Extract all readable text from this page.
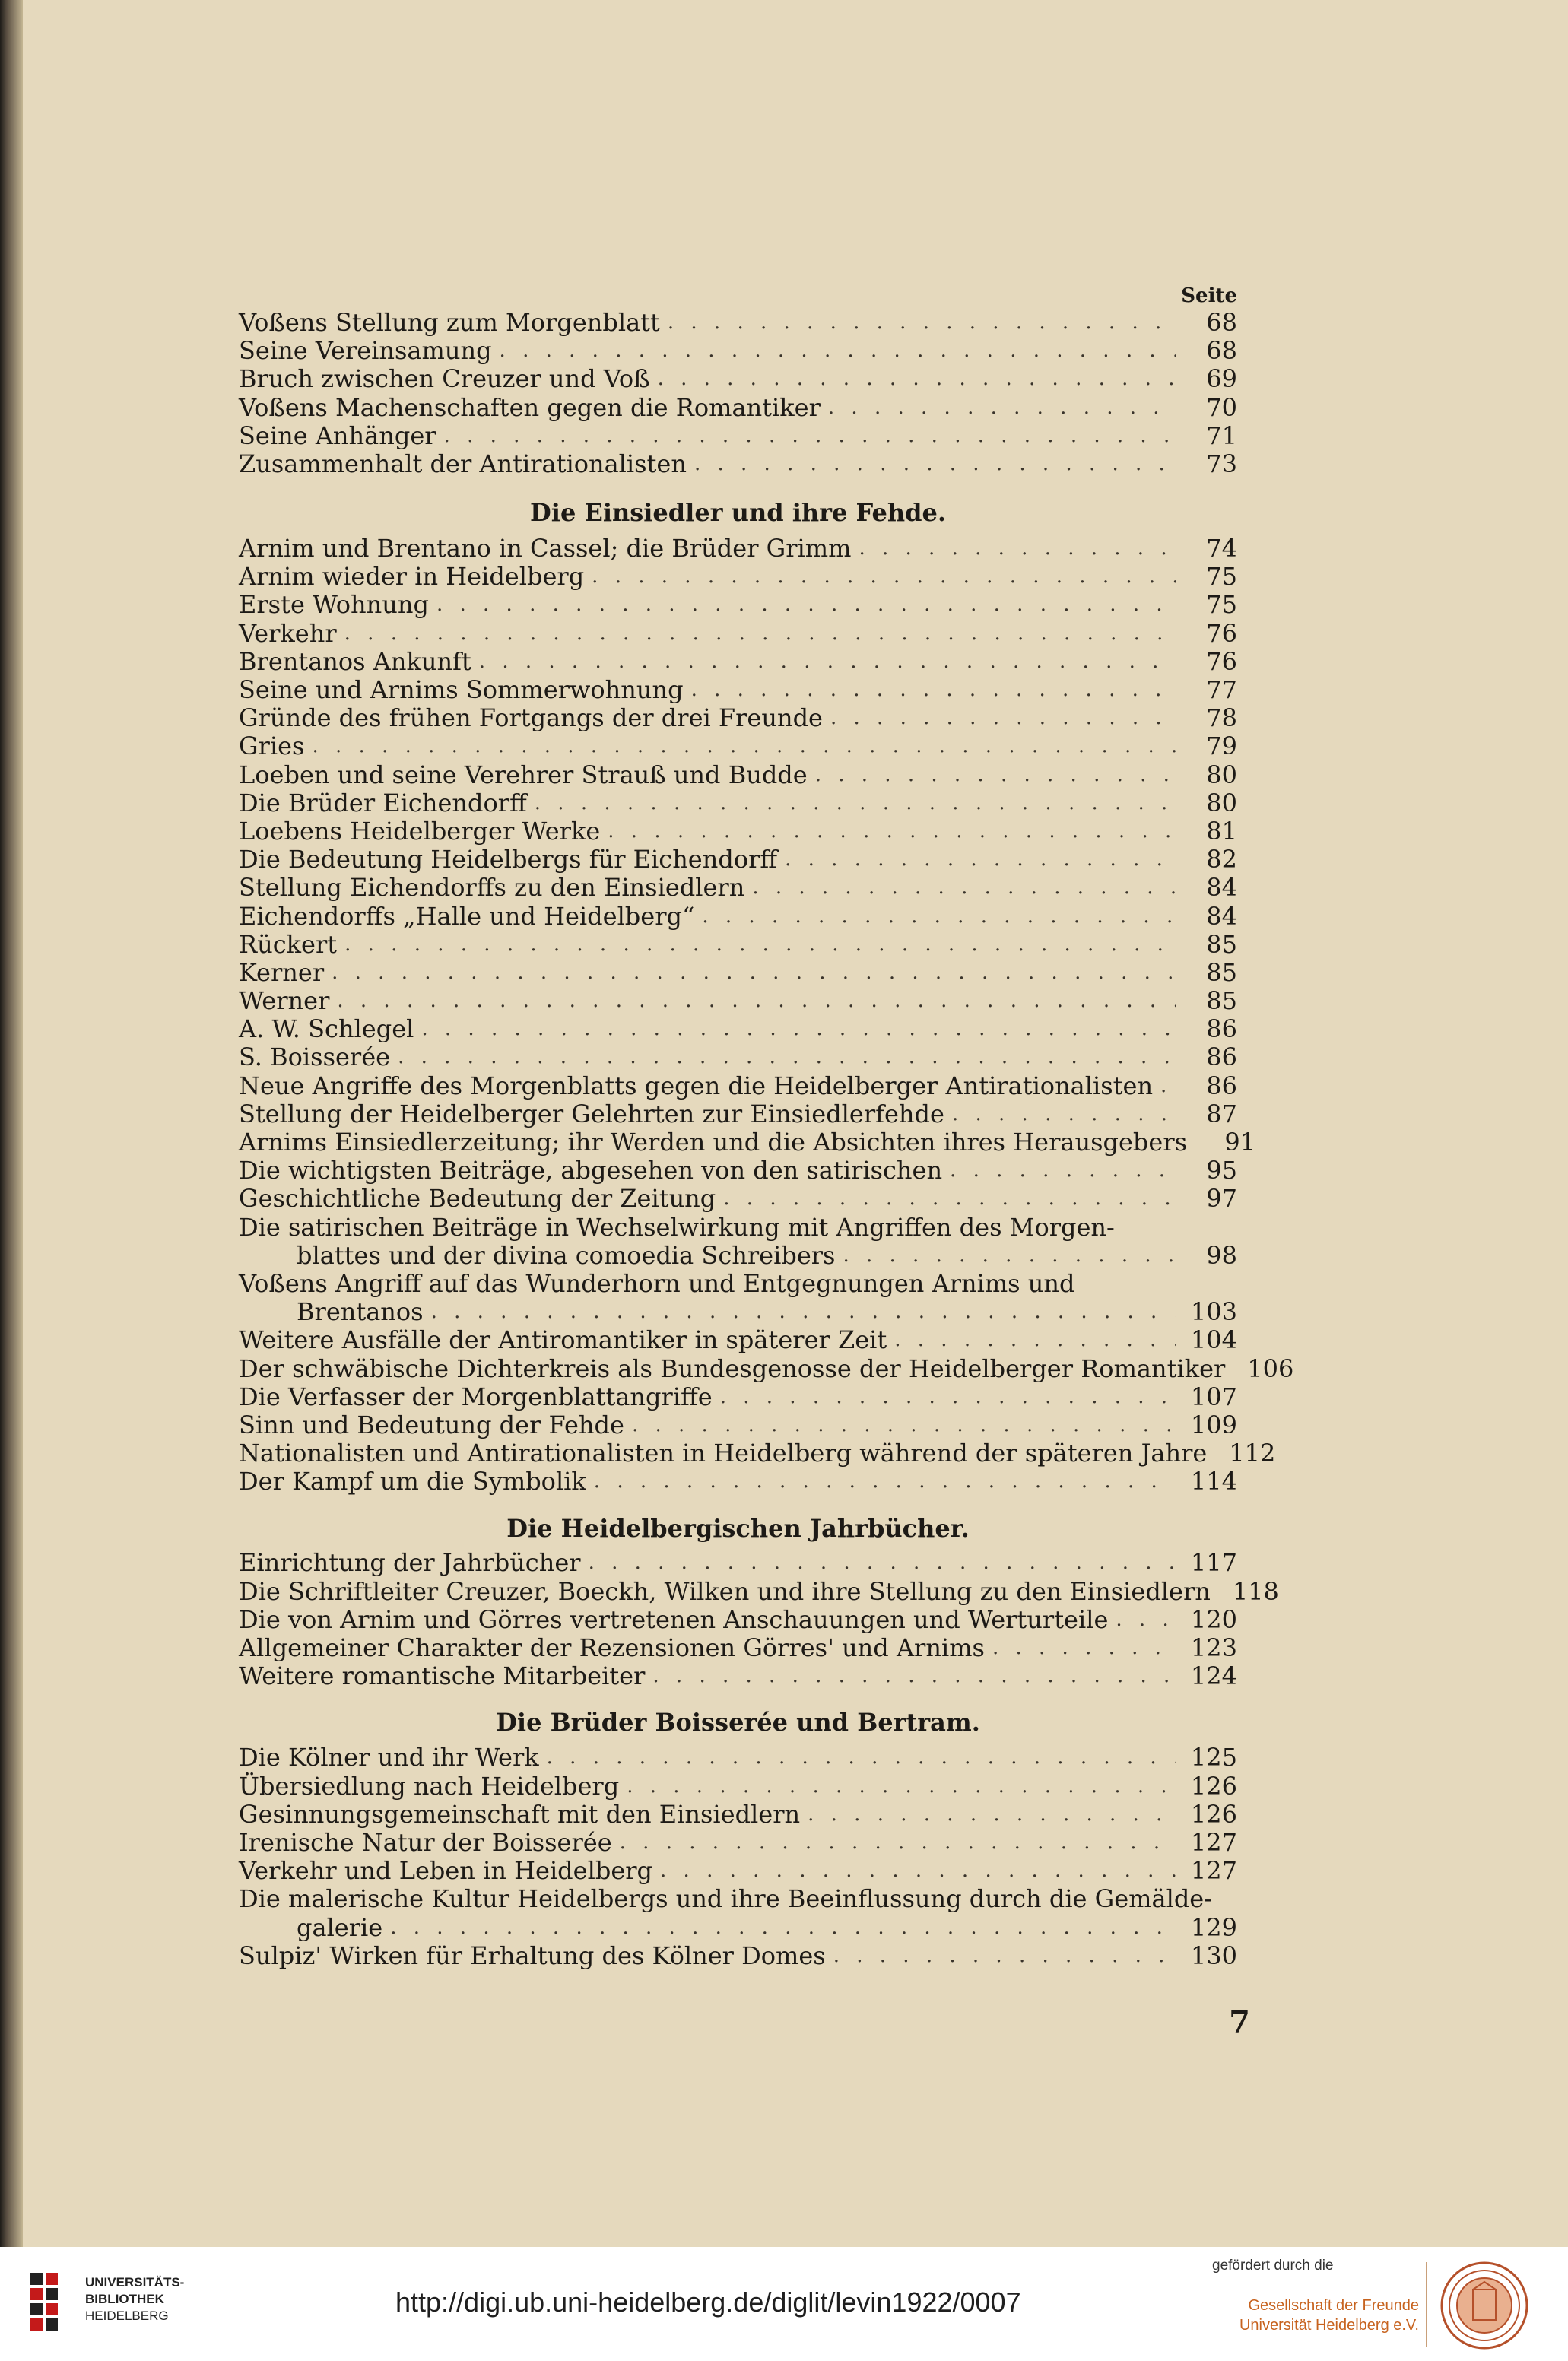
Seite
Voßens Stellung zum Morgenblatt . . .	68
Seine Vereinsamung . . .	68
Bruch zwischen Creuzer und Voß . . .	69
Voßens Machenschaften gegen die Romantiker . . .	70
Seine Anhänger . . .	71
Zusammenhalt der Antirationalisten . . .	73
Die Einsiedler und ihre Fehde.
Arnim und Brentano in Cassel; die Brüder Grimm . . .	74
Arnim wieder in Heidelberg . . .	75
Erste Wohnung . . .	75
Verkehr . . .	76
Brentanos Ankunft . . .	76
Seine und Arnims Sommerwohnung . . .	77
Gründe des frühen Fortgangs der drei Freunde . . .	78
Gries . . .	79
Loeben und seine Verehrer Strauß und Budde . . .	80
Die Brüder Eichendorff . . .	80
Loebens Heidelberger Werke . . .	81
Die Bedeutung Heidelbergs für Eichendorff . . .	82
Stellung Eichendorffs zu den Einsiedlern . . .	84
Eichendorffs „Halle und Heidelberg“ . . .	84
Rückert . . .	85
Kerner . . .	85
Werner . . .	85
A. W. Schlegel . . .	86
S. Boisserée . . .	86
Neue Angriffe des Morgenblatts gegen die Heidelberger Antirationalisten . . .	86
Stellung der Heidelberger Gelehrten zur Einsiedlerfehde . . .	87
Arnims Einsiedlerzeitung; ihr Werden und die Absichten ihres Herausgebers	91
Die wichtigsten Beiträge, abgesehen von den satirischen . . .	95
Geschichtliche Bedeutung der Zeitung . . .	97
Die satirischen Beiträge in Wechselwirkung mit Angriffen des Morgen-
blattes und der divina comoedia Schreibers . . .	98
Voßens Angriff auf das Wunderhorn und Entgegnungen Arnims und
Brentanos . . .	103
Weitere Ausfälle der Antiromantiker in späterer Zeit . . .	104
Der schwäbische Dichterkreis als Bundesgenosse der Heidelberger Romantiker 106
Die Verfasser der Morgenblattangriffe . . .	107
Sinn und Bedeutung der Fehde . . .	109
Nationalisten und Antirationalisten in Heidelberg während der späteren Jahre 112
Der Kampf um die Symbolik . . .	114
Die Heidelbergischen Jahrbücher.
Einrichtung der Jahrbücher . . .	117
Die Schriftleiter Creuzer, Boeckh, Wilken und ihre Stellung zu den Einsiedlern 118
Die von Arnim und Görres vertretenen Anschauungen und Werturteile . . .	120
Allgemeiner Charakter der Rezensionen Görres' und Arnims . . .	123
Weitere romantische Mitarbeiter . . .	124
Die Brüder Boisserée und Bertram.
Die Kölner und ihr Werk . . .	125
Übersiedlung nach Heidelberg . . .	126
Gesinnungsgemeinschaft mit den Einsiedlern . . .	126
Irenische Natur der Boisserée . . .	127
Verkehr und Leben in Heidelberg . . .	127
Die malerische Kultur Heidelbergs und ihre Beeinflussung durch die Gemälde-
galerie . . .	129
Sulpiz' Wirken für Erhaltung des Kölner Domes . . .	130
7
UNIVERSITÄTS-
BIBLIOTHEK
HEIDELBERG	http://digi.ub.uni-heidelberg.de/diglit/levin1922/0007
gefördert durch die
Gesellschaft der Freunde
Universität Heidelberg e.V.
